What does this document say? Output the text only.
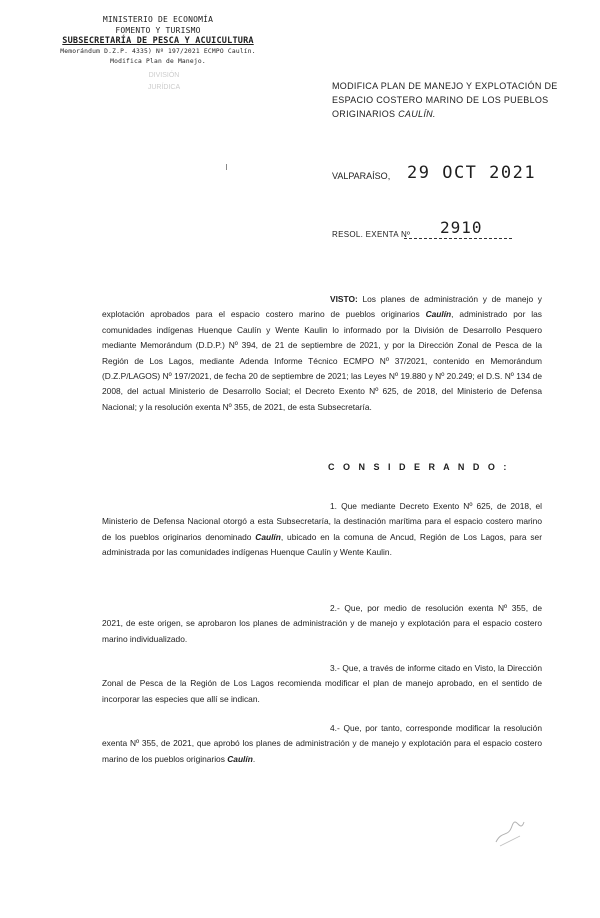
MINISTERIO DE ECONOMÍA
FOMENTO Y TURISMO
SUBSECRETARÍA DE PESCA Y ACUICULTURA
Memorándum D.Z.P. 4335) Nº 197/2021 ECMPO Caulín.
Modifica Plan de Manejo.
DIVISIÓN
JURÍDICA	MODIFICA PLAN DE MANEJO Y EXPLOTACIÓN DE
ESPACIO COSTERO MARINO DE LOS PUEBLOS
ORIGINARIOS CAULÍN.
VALPARAÍSO, 29 OCT 2021
RESOL. EXENTA Nº 2910
VISTO: Los planes de administración y de manejo y explotación aprobados para el espacio costero marino de pueblos originarios Caulín, administrado por las comunidades indígenas Huenque Caulín y Wente Kaulin lo informado por la División de Desarrollo Pesquero mediante Memorándum (D.D.P.) Nº 394, de 21 de septiembre de 2021, y por la Dirección Zonal de Pesca de la Región de Los Lagos, mediante Adenda Informe Técnico ECMPO Nº 37/2021, contenido en Memorándum (D.Z.P/LAGOS) Nº 197/2021, de fecha 20 de septiembre de 2021; las Leyes Nº 19.880 y Nº 20.249; el D.S. Nº 134 de 2008, del actual Ministerio de Desarrollo Social; el Decreto Exento Nº 625, de 2018, del Ministerio de Defensa Nacional; y la resolución exenta Nº 355, de 2021, de esta Subsecretaría.
C O N S I D E R A N D O :
1. Que mediante Decreto Exento Nº 625, de 2018, el Ministerio de Defensa Nacional otorgó a esta Subsecretaría, la destinación marítima para el espacio costero marino de los pueblos originarios denominado Caulín, ubicado en la comuna de Ancud, Región de Los Lagos, para ser administrada por las comunidades indígenas Huenque Caulín y Wente Kaulin.
2.- Que, por medio de resolución exenta Nº 355, de 2021, de este origen, se aprobaron los planes de administración y de manejo y explotación para el espacio costero marino individualizado.
3.- Que, a través de informe citado en Visto, la Dirección Zonal de Pesca de la Región de Los Lagos recomienda modificar el plan de manejo aprobado, en el sentido de incorporar las especies que allí se indican.
4.- Que, por tanto, corresponde modificar la resolución exenta Nº 355, de 2021, que aprobó los planes de administración y de manejo y explotación para el espacio costero marino de los pueblos originarios Caulín.
